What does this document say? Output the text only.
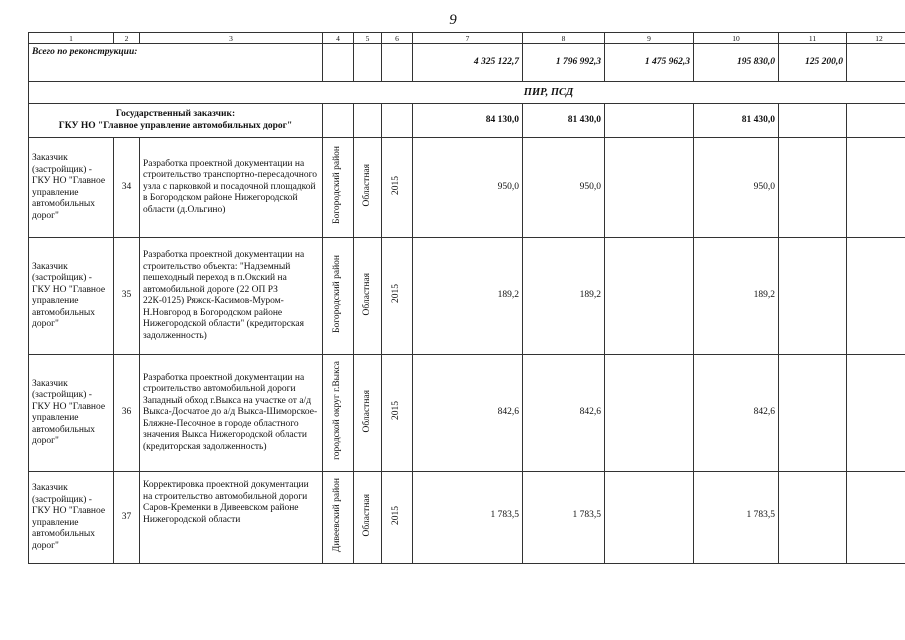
9
1	2	3	4	5	6	7	8	9	10	11	12
Всего по реконструкции:						4 325 122,7	1 796 992,3	1 475 962,3	195 830,0	125 200,0	
ПИР, ПСД											

Государственный заказчик:
ГКУ НО "Главное управление автомобильных дорог"						84 130,0	81 430,0		81 430,0		
Заказчик (застройщик) - ГКУ НО "Главное управление автомобильных дорог"	34	Разработка проектной документации на строительство транспортно-пересадочного узла с парковкой и посадочной площадкой в Богородском районе Нижегородской области (д.Ольгино)	Богородский район	Областная	2015	950,0	950,0		950,0		
Заказчик (застройщик) - ГКУ НО "Главное управление автомобильных дорог"	35	Разработка проектной документации на строительство объекта: "Надземный пешеходный переход в п.Окский на автомобильной дороге (22 ОП РЗ 22К-0125) Ряжск-Касимов-Муром-Н.Новгород в Богородском районе Нижегородской области" (кредиторская задолженность)	Богородский район	Областная	2015	189,2	189,2		189,2		
Заказчик (застройщик) - ГКУ НО "Главное управление автомобильных дорог"	36	Разработка проектной документации на строительство автомобильной дороги Западный обход г.Выкса на участке от а/д Выкса-Досчатое до а/д Выкса-Шиморское-Бляжне-Песочное в городе областного значения Выкса Нижегородской области (кредиторская задолженность)	городской округ г.Выкса	Областная	2015	842,6	842,6		842,6		
Заказчик (застройщик) - ГКУ НО "Главное управление автомобильных дорог"	37	Корректировка проектной документации на строительство автомобильной дороги Саров-Кременки в Дивеевском районе Нижегородской области	Дивеевский район	Областная	2015	1 783,5	1 783,5		1 783,5		
